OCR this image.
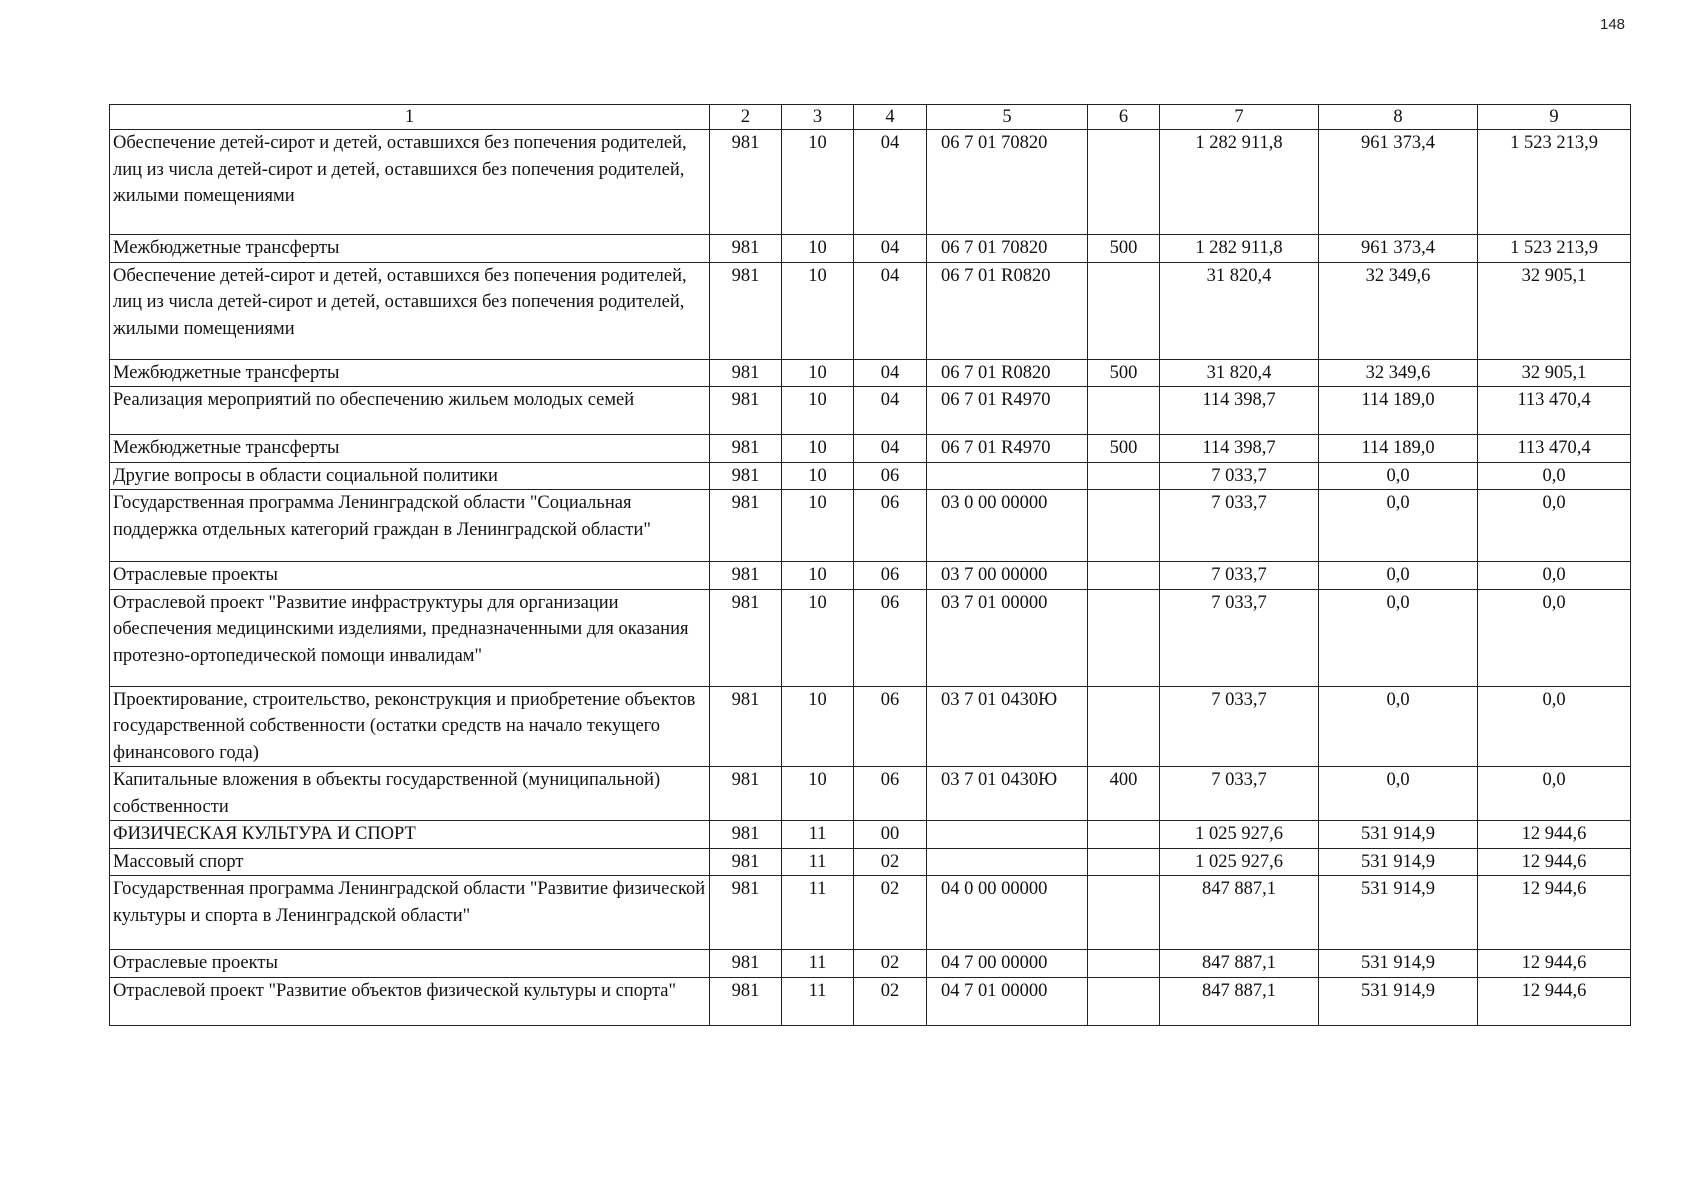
148
1	2	3	4	5	6	7	8	9
Обеспечение детей-сирот и детей, оставшихся без попечения родителей, лиц из числа детей-сирот и детей, оставшихся без попечения родителей, жилыми помещениями	981	10	04	06 7 01 70820		1 282 911,8	961 373,4	1 523 213,9
Межбюджетные трансферты	981	10	04	06 7 01 70820	500	1 282 911,8	961 373,4	1 523 213,9
Обеспечение детей-сирот и детей, оставшихся без попечения родителей, лиц из числа детей-сирот и детей, оставшихся без попечения родителей, жилыми помещениями	981	10	04	06 7 01 R0820		31 820,4	32 349,6	32 905,1
Межбюджетные трансферты	981	10	04	06 7 01 R0820	500	31 820,4	32 349,6	32 905,1
Реализация мероприятий по обеспечению жильем молодых семей	981	10	04	06 7 01 R4970		114 398,7	114 189,0	113 470,4
Межбюджетные трансферты	981	10	04	06 7 01 R4970	500	114 398,7	114 189,0	113 470,4
Другие вопросы в области социальной политики	981	10	06			7 033,7	0,0	0,0
Государственная программа Ленинградской области "Социальная поддержка отдельных категорий граждан в Ленинградской области"	981	10	06	03 0 00 00000		7 033,7	0,0	0,0
Отраслевые проекты	981	10	06	03 7 00 00000		7 033,7	0,0	0,0
Отраслевой проект "Развитие инфраструктуры для организации обеспечения медицинскими изделиями, предназначенными для оказания протезно-ортопедической помощи инвалидам"	981	10	06	03 7 01 00000		7 033,7	0,0	0,0
Проектирование, строительство, реконструкция и приобретение объектов государственной собственности (остатки средств на начало текущего финансового года)	981	10	06	03 7 01 0430Ю		7 033,7	0,0	0,0
Капитальные вложения в объекты государственной (муниципальной) собственности	981	10	06	03 7 01 0430Ю	400	7 033,7	0,0	0,0
ФИЗИЧЕСКАЯ КУЛЬТУРА И СПОРТ	981	11	00			1 025 927,6	531 914,9	12 944,6
Массовый спорт	981	11	02			1 025 927,6	531 914,9	12 944,6
Государственная программа Ленинградской области "Развитие физической культуры и спорта в Ленинградской области"	981	11	02	04 0 00 00000		847 887,1	531 914,9	12 944,6
Отраслевые проекты	981	11	02	04 7 00 00000		847 887,1	531 914,9	12 944,6
Отраслевой проект "Развитие объектов физической культуры и спорта"	981	11	02	04 7 01 00000		847 887,1	531 914,9	12 944,6
